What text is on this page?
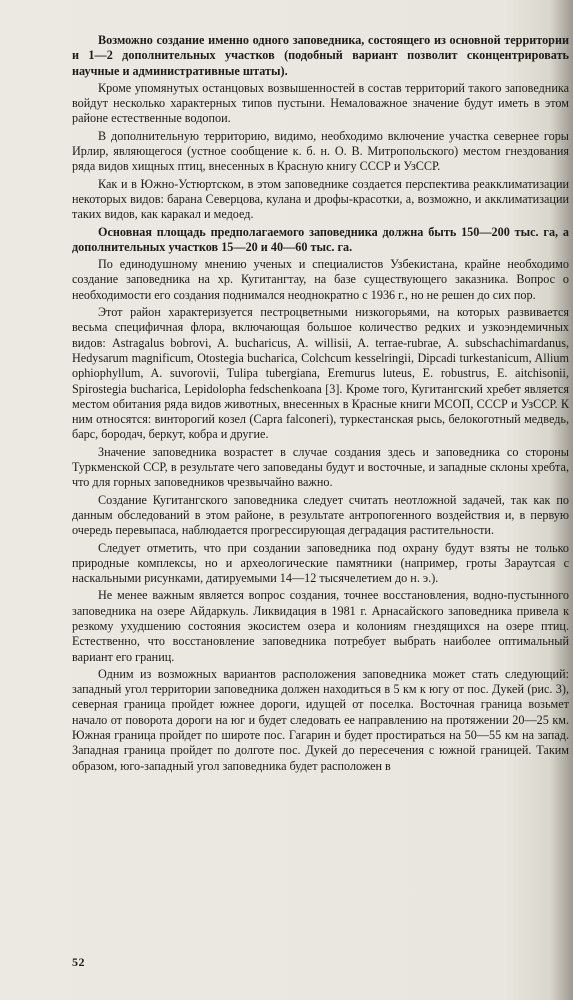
Возможно создание именно одного заповедника, состоящего из основной территории и 1—2 дополнительных участков (подобный вариант позволит сконцентрировать научные и административные штаты).

Кроме упомянутых останцовых возвышенностей в состав территорий такого заповедника войдут несколько характерных типов пустыни. Немаловажное значение будут иметь в этом районе естественные водопои.

В дополнительную территорию, видимо, необходимо включение участка севернее горы Ирлир, являющегося (устное сообщение к. б. н. О. В. Митропольского) местом гнездования ряда видов хищных птиц, внесенных в Красную книгу СССР и УзССР.

Как и в Южно-Устюртском, в этом заповеднике создается перспектива реакклиматизации некоторых видов: барана Северцова, кулана и дрофы-красотки, а, возможно, и акклиматизации таких видов, как каракал и медоед.

Основная площадь предполагаемого заповедника должна быть 150—200 тыс. га, а дополнительных участков 15—20 и 40—60 тыс. га.

По единодушному мнению ученых и специалистов Узбекистана, крайне необходимо создание заповедника на хр. Кугитангтау, на базе существующего заказника. Вопрос о необходимости его создания поднимался неоднократно с 1936 г., но не решен до сих пор.

Этот район характеризуется пестроцветными низкогорьями, на которых развивается весьма специфичная флора, включающая большое количество редких и узкоэндемичных видов: Astragalus bobrovi, A. bucharicus, A. willisii, A. terrae-rubrae, A. subschachimardanus, Hedysarum magnificum, Otostegia bucharica, Colchcum kesselringii, Dipcadi turkestanicum, Allium ophiophyllum, A. suvorovii, Tulipa tubergiana, Eremurus luteus, E. robustrus, E. aitchisonii, Spirostegia bucharica, Lepidolopha fedschenkoana [3]. Кроме того, Кугитангский хребет является местом обитания ряда видов животных, внесенных в Красные книги МСОП, СССР и УзССР. К ним относятся: винторогий козел (Capra falconeri), туркестанская рысь, белокоготный медведь, барс, бородач, беркут, кобра и другие.

Значение заповедника возрастет в случае создания здесь и заповедника со стороны Туркменской ССР, в результате чего заповеданы будут и восточные, и западные склоны хребта, что для горных заповедников чрезвычайно важно.

Создание Кугитангского заповедника следует считать неотложной задачей, так как по данным обследований в этом районе, в результате антропогенного воздействия и, в первую очередь перевыпаса, наблюдается прогрессирующая деградация растительности.

Следует отметить, что при создании заповедника под охрану будут взяты не только природные комплексы, но и археологические памятники (например, гроты Зараутсая с наскальными рисунками, датируемыми 14—12 тысячелетием до н. э.).

Не менее важным является вопрос создания, точнее восстановления, водно-пустынного заповедника на озере Айдаркуль. Ликвидация в 1981 г. Арнасайского заповедника привела к резкому ухудшению состояния экосистем озера и колониям гнездящихся на озере птиц. Естественно, что восстановление заповедника потребует выбрать наиболее оптимальный вариант его границ.

Одним из возможных вариантов расположения заповедника может стать следующий: западный угол территории заповедника должен находиться в 5 км к югу от пос. Дукей (рис. 3), северная граница пройдет южнее дороги, идущей от поселка. Восточная граница возьмет начало от поворота дороги на юг и будет следовать ее направлению на протяжении 20—25 км. Южная граница пройдет по широте пос. Гагарин и будет простираться на 50—55 км на запад. Западная граница пройдет по долготе пос. Дукей до пересечения с южной границей. Таким образом, юго-западный угол заповедника будет расположен в

52
